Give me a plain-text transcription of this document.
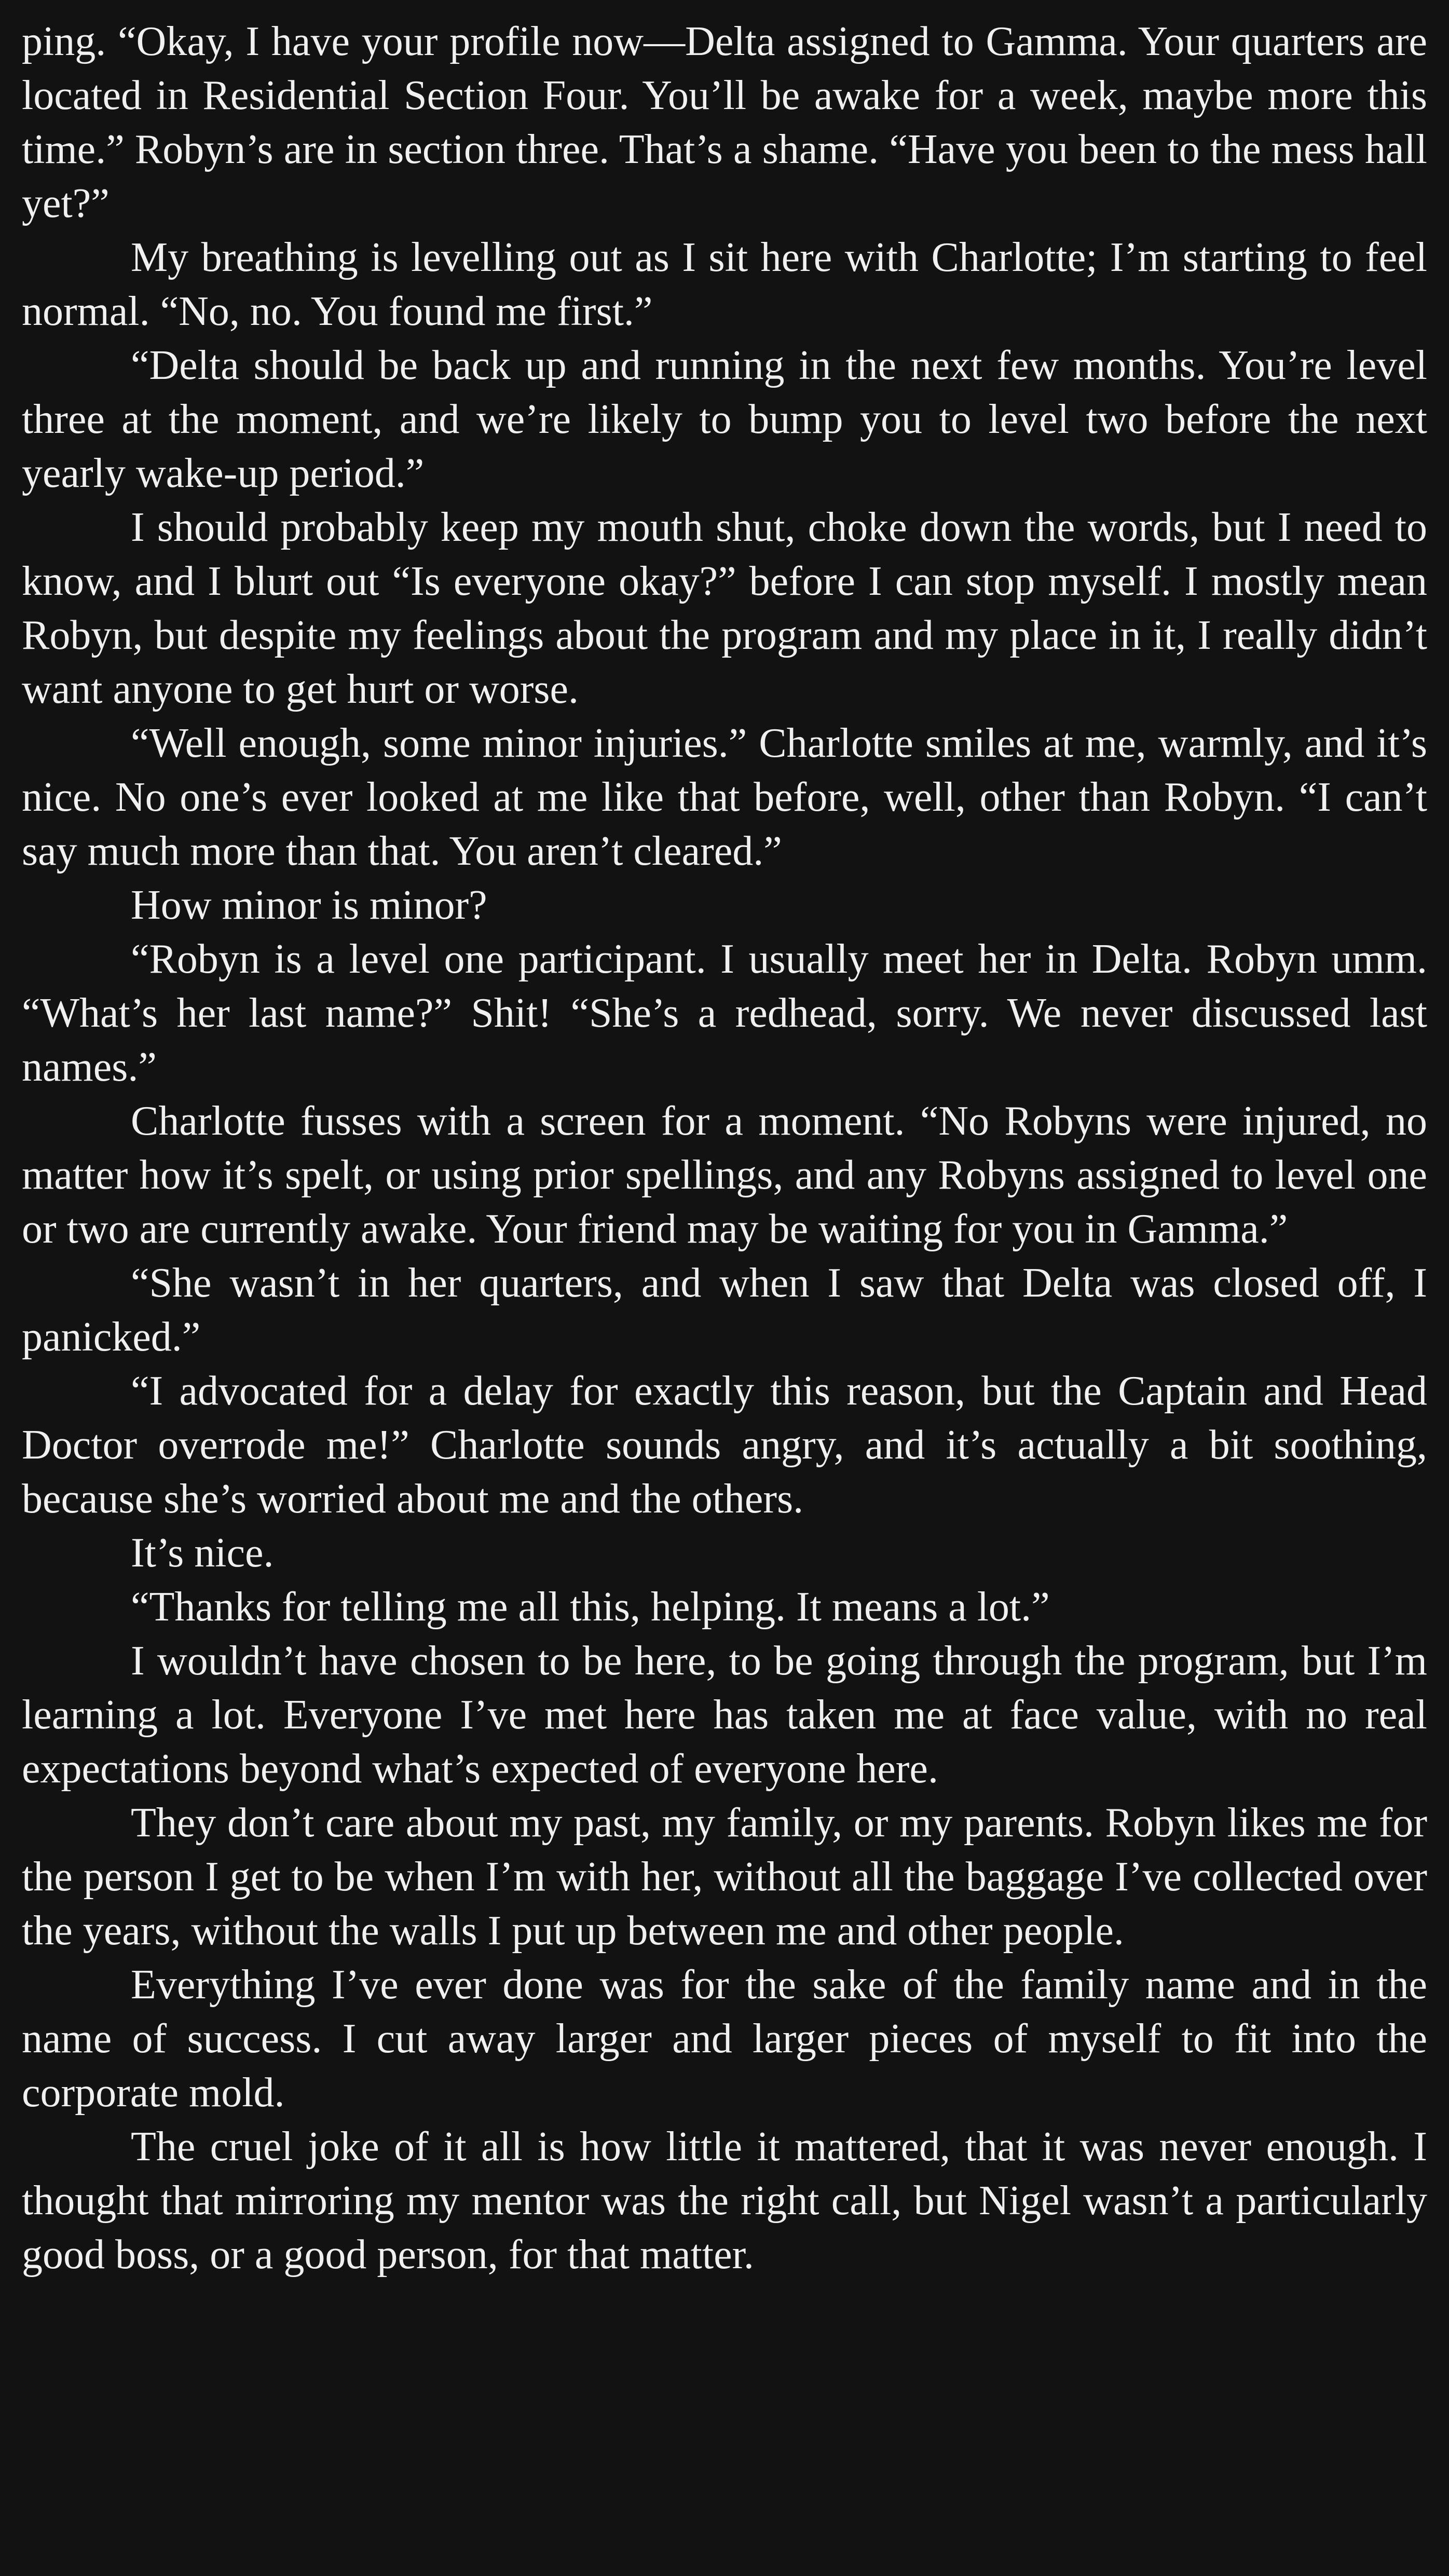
ping. “Okay, I have your profile now—Delta assigned to Gamma. Your quarters are located in Residential Section Four. You’ll be awake for a week, maybe more this time.” Robyn’s are in section three. That’s a shame. “Have you been to the mess hall yet?”

My breathing is levelling out as I sit here with Charlotte; I’m starting to feel normal. “No, no. You found me first.”

“Delta should be back up and running in the next few months. You’re level three at the moment, and we’re likely to bump you to level two before the next yearly wake-up period.”

I should probably keep my mouth shut, choke down the words, but I need to know, and I blurt out “Is everyone okay?” before I can stop myself. I mostly mean Robyn, but despite my feelings about the program and my place in it, I really didn’t want anyone to get hurt or worse.

“Well enough, some minor injuries.” Charlotte smiles at me, warmly, and it’s nice. No one’s ever looked at me like that before, well, other than Robyn. “I can’t say much more than that. You aren’t cleared.”

How minor is minor?

“Robyn is a level one participant. I usually meet her in Delta. Robyn umm. “What’s her last name?” Shit! “She’s a redhead, sorry. We never discussed last names.”

Charlotte fusses with a screen for a moment. “No Robyns were injured, no matter how it’s spelt, or using prior spellings, and any Robyns assigned to level one or two are currently awake. Your friend may be waiting for you in Gamma.”

“She wasn’t in her quarters, and when I saw that Delta was closed off, I panicked.”

“I advocated for a delay for exactly this reason, but the Captain and Head Doctor overrode me!” Charlotte sounds angry, and it’s actually a bit soothing, because she’s worried about me and the others.

It’s nice.

“Thanks for telling me all this, helping. It means a lot.”

I wouldn’t have chosen to be here, to be going through the program, but I’m learning a lot. Everyone I’ve met here has taken me at face value, with no real expectations beyond what’s expected of everyone here.

They don’t care about my past, my family, or my parents. Robyn likes me for the person I get to be when I’m with her, without all the baggage I’ve collected over the years, without the walls I put up between me and other people.

Everything I’ve ever done was for the sake of the family name and in the name of success. I cut away larger and larger pieces of myself to fit into the corporate mold.

The cruel joke of it all is how little it mattered, that it was never enough. I thought that mirroring my mentor was the right call, but Nigel wasn’t a particularly good boss, or a good person, for that matter.
